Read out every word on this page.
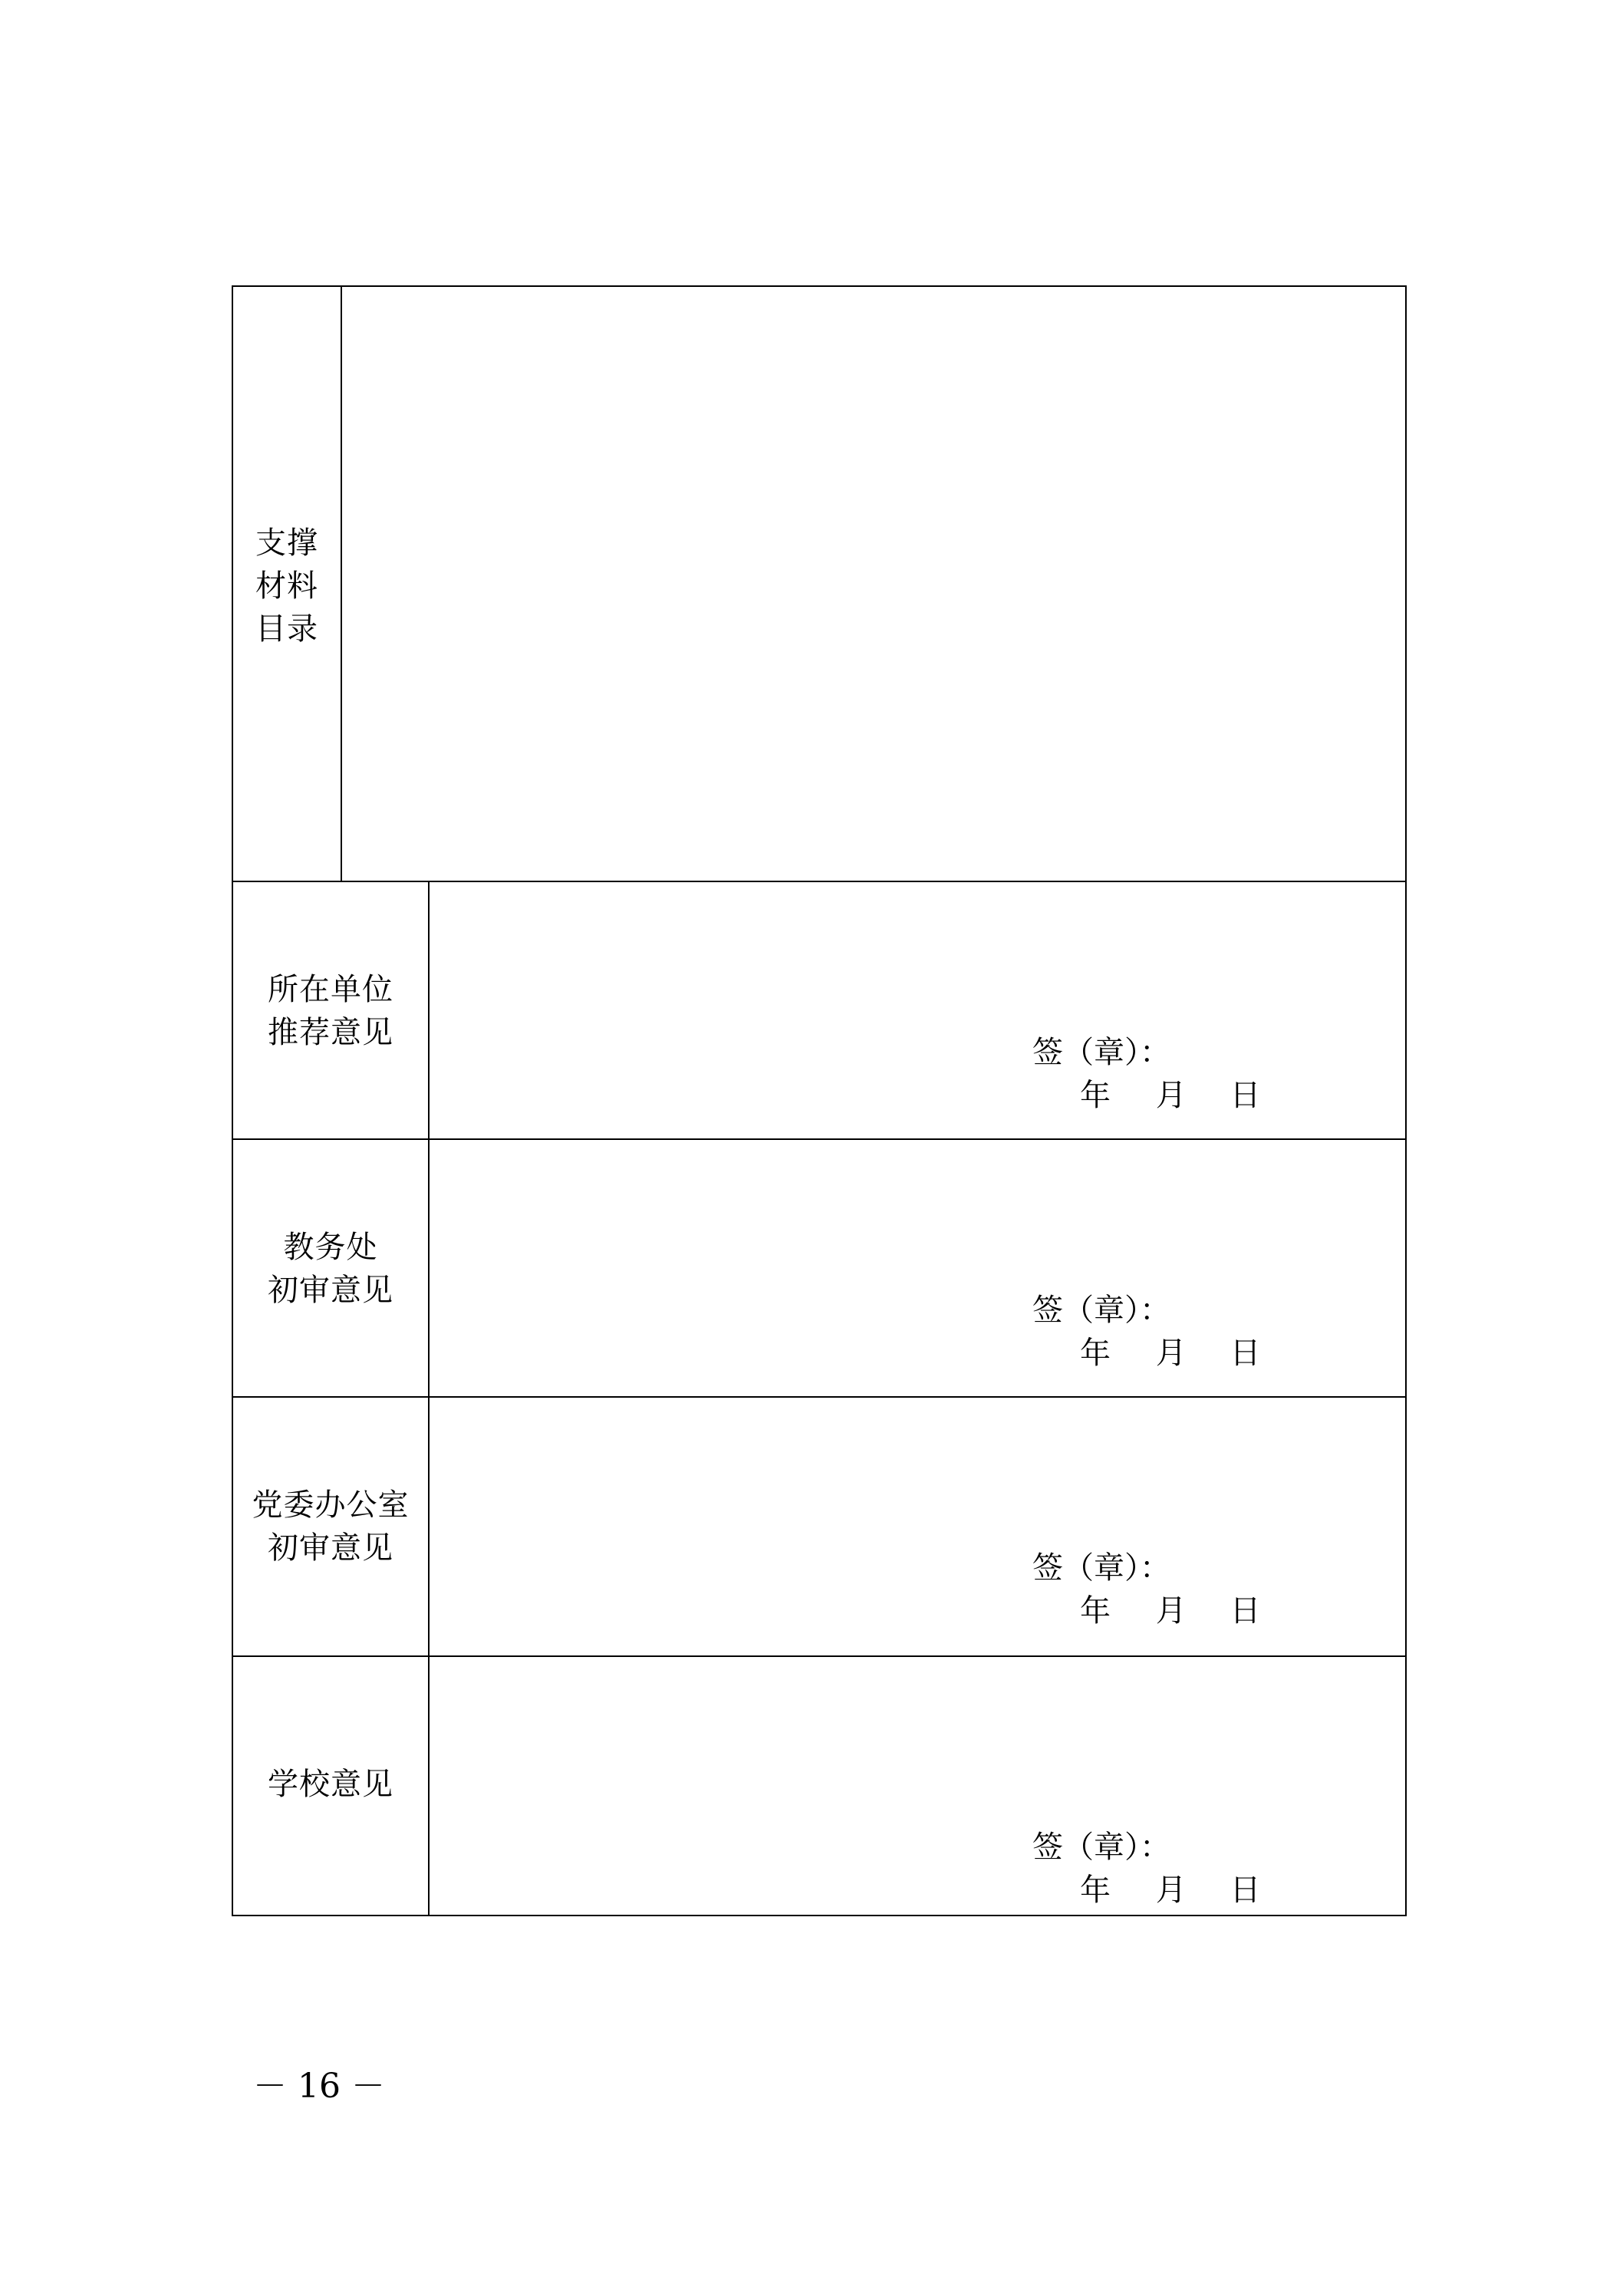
支撑
材料
目录
所在单位
推荐意见
签（章）：
年 月 日
教务处
初审意见
签（章）：
年 月 日
党委办公室
初审意见
签（章）：
年 月 日
学校意见
签（章）：
年 月 日
－ 16 －
